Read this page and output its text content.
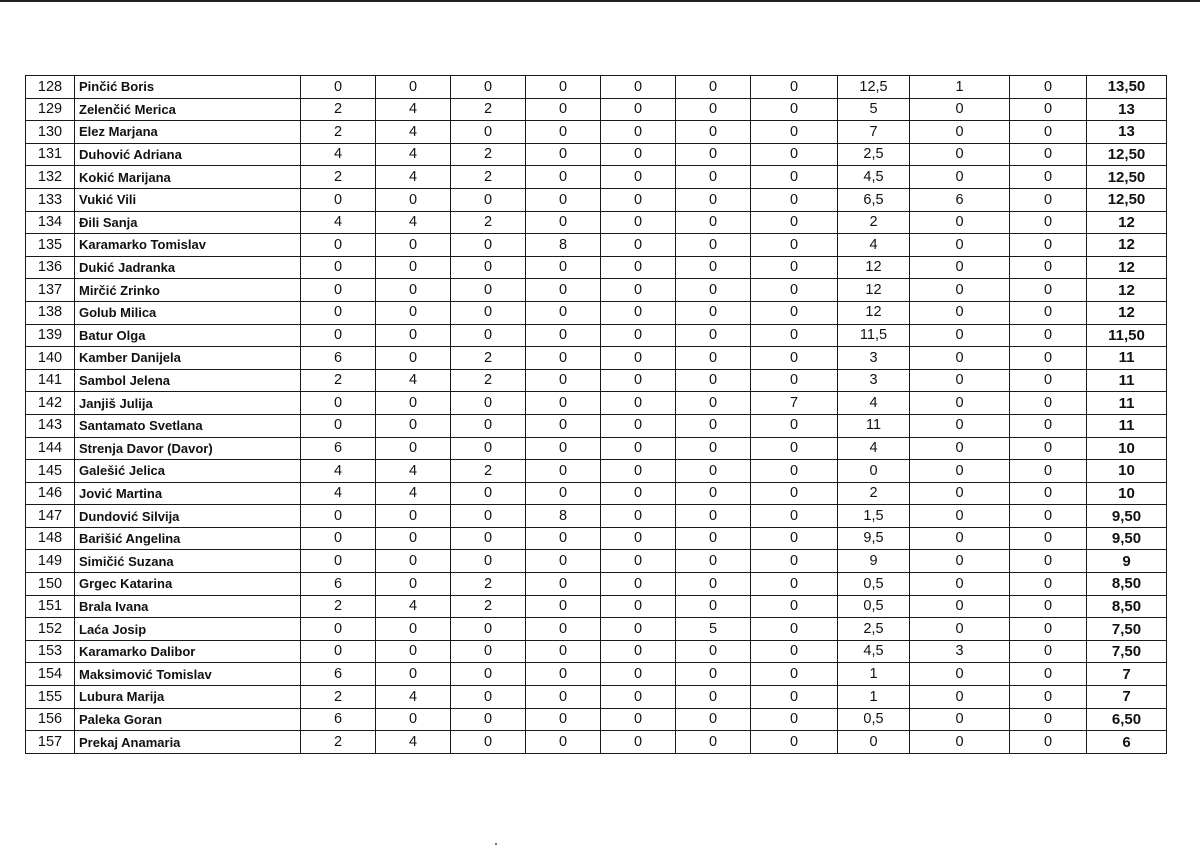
128	Pinčić Boris	0	0	0	0	0	0	0	12,5	1	0	13,50
129	Zelenčić Merica	2	4	2	0	0	0	0	5	0	0	13
130	Elez Marjana	2	4	0	0	0	0	0	7	0	0	13
131	Duhović Adriana	4	4	2	0	0	0	0	2,5	0	0	12,50
132	Kokić Marijana	2	4	2	0	0	0	0	4,5	0	0	12,50
133	Vukić Vili	0	0	0	0	0	0	0	6,5	6	0	12,50
134	Đili Sanja	4	4	2	0	0	0	0	2	0	0	12
135	Karamarko Tomislav	0	0	0	8	0	0	0	4	0	0	12
136	Dukić Jadranka	0	0	0	0	0	0	0	12	0	0	12
137	Mirčić Zrinko	0	0	0	0	0	0	0	12	0	0	12
138	Golub Milica	0	0	0	0	0	0	0	12	0	0	12
139	Batur Olga	0	0	0	0	0	0	0	11,5	0	0	11,50
140	Kamber Danijela	6	0	2	0	0	0	0	3	0	0	11
141	Sambol Jelena	2	4	2	0	0	0	0	3	0	0	11
142	Janjiš Julija	0	0	0	0	0	0	7	4	0	0	11
143	Santamato Svetlana	0	0	0	0	0	0	0	11	0	0	11
144	Strenja Davor (Davor)	6	0	0	0	0	0	0	4	0	0	10
145	Galešić Jelica	4	4	2	0	0	0	0	0	0	0	10
146	Jović Martina	4	4	0	0	0	0	0	2	0	0	10
147	Dundović Silvija	0	0	0	8	0	0	0	1,5	0	0	9,50
148	Barišić Angelina	0	0	0	0	0	0	0	9,5	0	0	9,50
149	Simičić Suzana	0	0	0	0	0	0	0	9	0	0	9
150	Grgec Katarina	6	0	2	0	0	0	0	0,5	0	0	8,50
151	Brala Ivana	2	4	2	0	0	0	0	0,5	0	0	8,50
152	Laća Josip	0	0	0	0	0	5	0	2,5	0	0	7,50
153	Karamarko Dalibor	0	0	0	0	0	0	0	4,5	3	0	7,50
154	Maksimović Tomislav	6	0	0	0	0	0	0	1	0	0	7
155	Lubura Marija	2	4	0	0	0	0	0	1	0	0	7
156	Paleka Goran	6	0	0	0	0	0	0	0,5	0	0	6,50
157	Prekaj Anamaria	2	4	0	0	0	0	0	0	0	0	6
